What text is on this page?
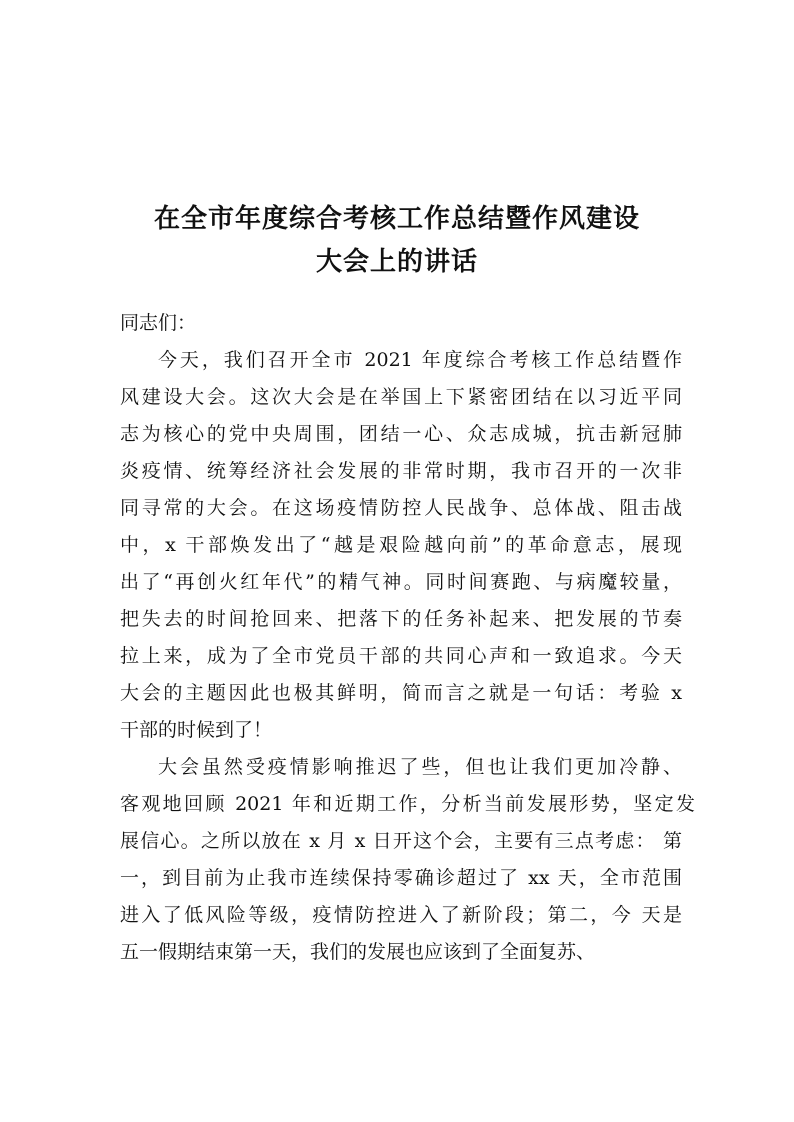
在全市年度综合考核工作总结暨作风建设
大会上的讲话
同志们：
今天，我们召开全市 2021 年度综合考核工作总结暨作
风建设大会。这次大会是在举国上下紧密团结在以习近平同
志为核心的党中央周围，团结一心、众志成城，抗击新冠肺
炎疫情、统筹经济社会发展的非常时期，我市召开的一次非
同寻常的大会。在这场疫情防控人民战争、总体战、阻击战
中，x 干部焕发出了“越是艰险越向前”的革命意志，展现
出了“再创火红年代”的精气神。同时间赛跑、与病魔较量，
把失去的时间抢回来、把落下的任务补起来、把发展的节奏
拉上来，成为了全市党员干部的共同心声和一致追求。今天
大会的主题因此也极其鲜明，简而言之就是一句话：考验 x
干部的时候到了！
大会虽然受疫情影响推迟了些，但也让我们更加冷静、
客观地回顾 2021 年和近期工作，分析当前发展形势，坚定发
展信心。之所以放在 x 月 x 日开这个会，主要有三点考虑： 第
一，到目前为止我市连续保持零确诊超过了 xx 天，全市范围
进入了低风险等级，疫情防控进入了新阶段；第二，今 天是
五一假期结束第一天，我们的发展也应该到了全面复苏、
